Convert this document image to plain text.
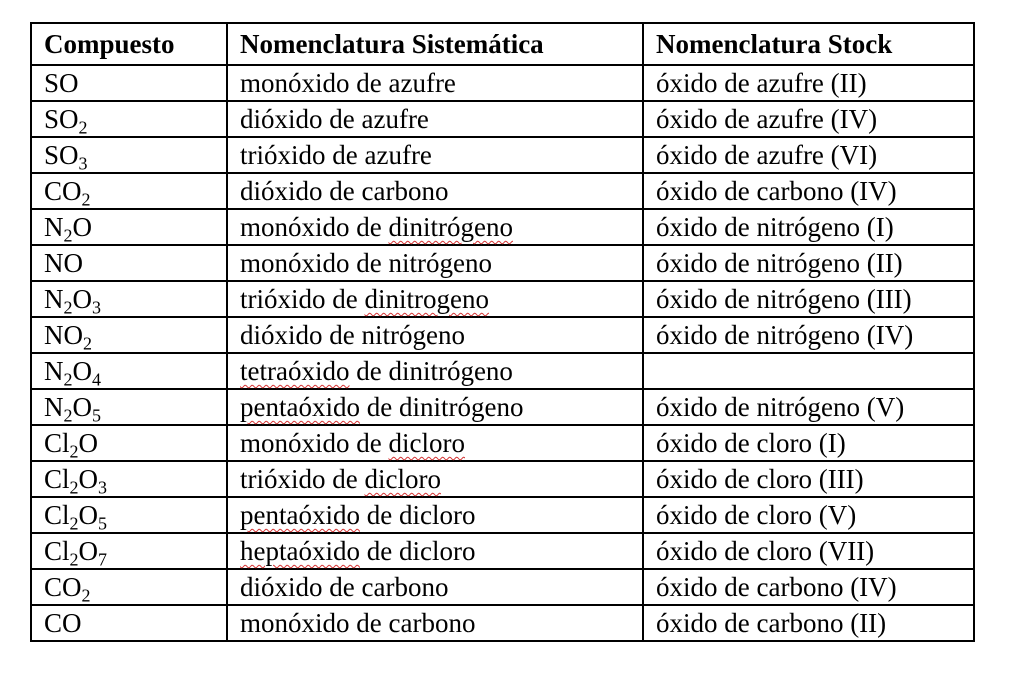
Compuesto	Nomenclatura Sistemática	Nomenclatura Stock
SO	monóxido de azufre	óxido de azufre (II)
$SO_2$	dióxido de azufre	óxido de azufre (IV)
$SO_3$	trióxido de azufre	óxido de azufre (VI)
$CO_2$	dióxido de carbono	óxido de carbono (IV)
$N_2O$	monóxido de dinitrógeno	óxido de nitrógeno (I)
NO	monóxido de nitrógeno	óxido de nitrógeno (II)
$N_2O_3$	trióxido de dinitrogeno	óxido de nitrógeno (III)
$NO_2$	dióxido de nitrógeno	óxido de nitrógeno (IV)
$N_2O_4$	tetraóxido de dinitrógeno	
$N_2O_5$	pentaóxido de dinitrógeno	óxido de nitrógeno (V)
$Cl_2O$	monóxido de dicloro	óxido de cloro (I)
$Cl_2O_3$	trióxido de dicloro	óxido de cloro (III)
$Cl_2O_5$	pentaóxido de dicloro	óxido de cloro (V)
$Cl_2O_7$	heptaóxido de dicloro	óxido de cloro (VII)
$CO_2$	dióxido de carbono	óxido de carbono (IV)
CO	monóxido de carbono	óxido de carbono (II)
